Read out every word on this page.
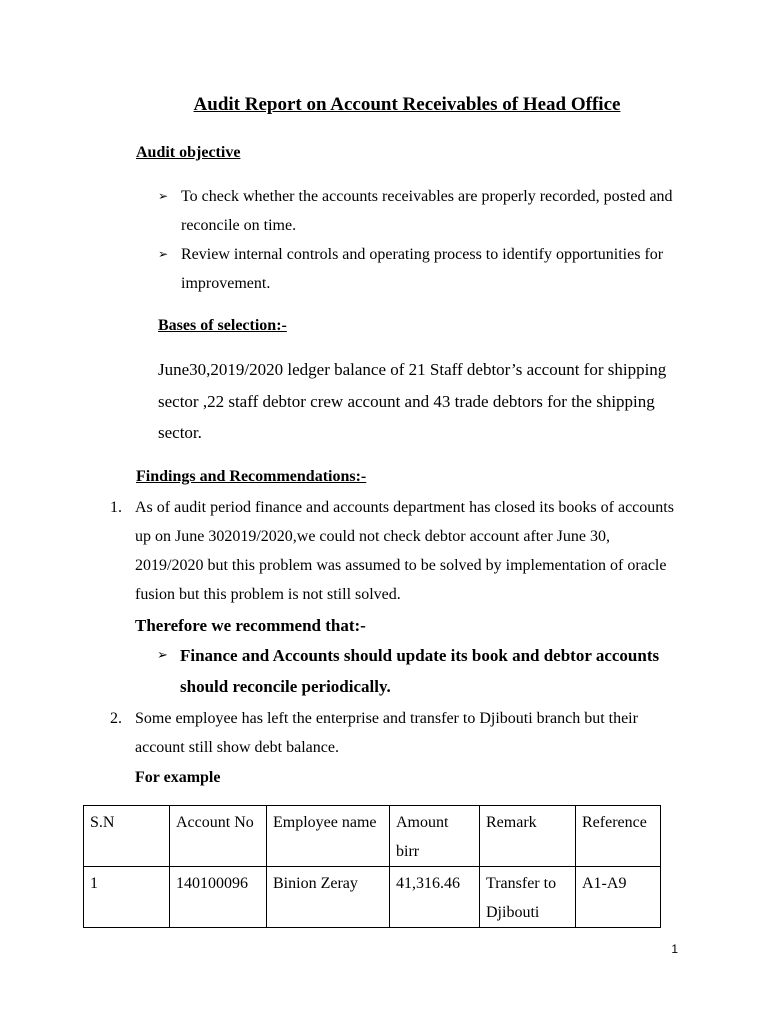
Audit Report on Account Receivables of Head Office
Audit objective
➢ To check whether the accounts receivables are properly recorded, posted and reconcile on time.
➢ Review internal controls and operating process to identify opportunities for improvement.
Bases of selection:-

June30,2019/2020 ledger balance of 21 Staff debtor’s account for shipping sector ,22 staff debtor crew account and 43 trade debtors for the shipping sector.

Findings and Recommendations:-
1. As of audit period finance and accounts department has closed its books of accounts up on June 302019/2020,we could not check debtor account after June 30, 2019/2020 but this problem was assumed to be solved by implementation of oracle fusion but this problem is not still solved.
Therefore we recommend that:-
➢ Finance and Accounts should update its book and debtor accounts should reconcile periodically.
2. Some employee has left the enterprise and transfer to Djibouti branch but their account still show debt balance.
For example
S.N	Account No	Employee name	Amount birr	Remark	Reference
1	140100096	Binion Zeray	41,316.46	Transfer to Djibouti	A1-A9
1
